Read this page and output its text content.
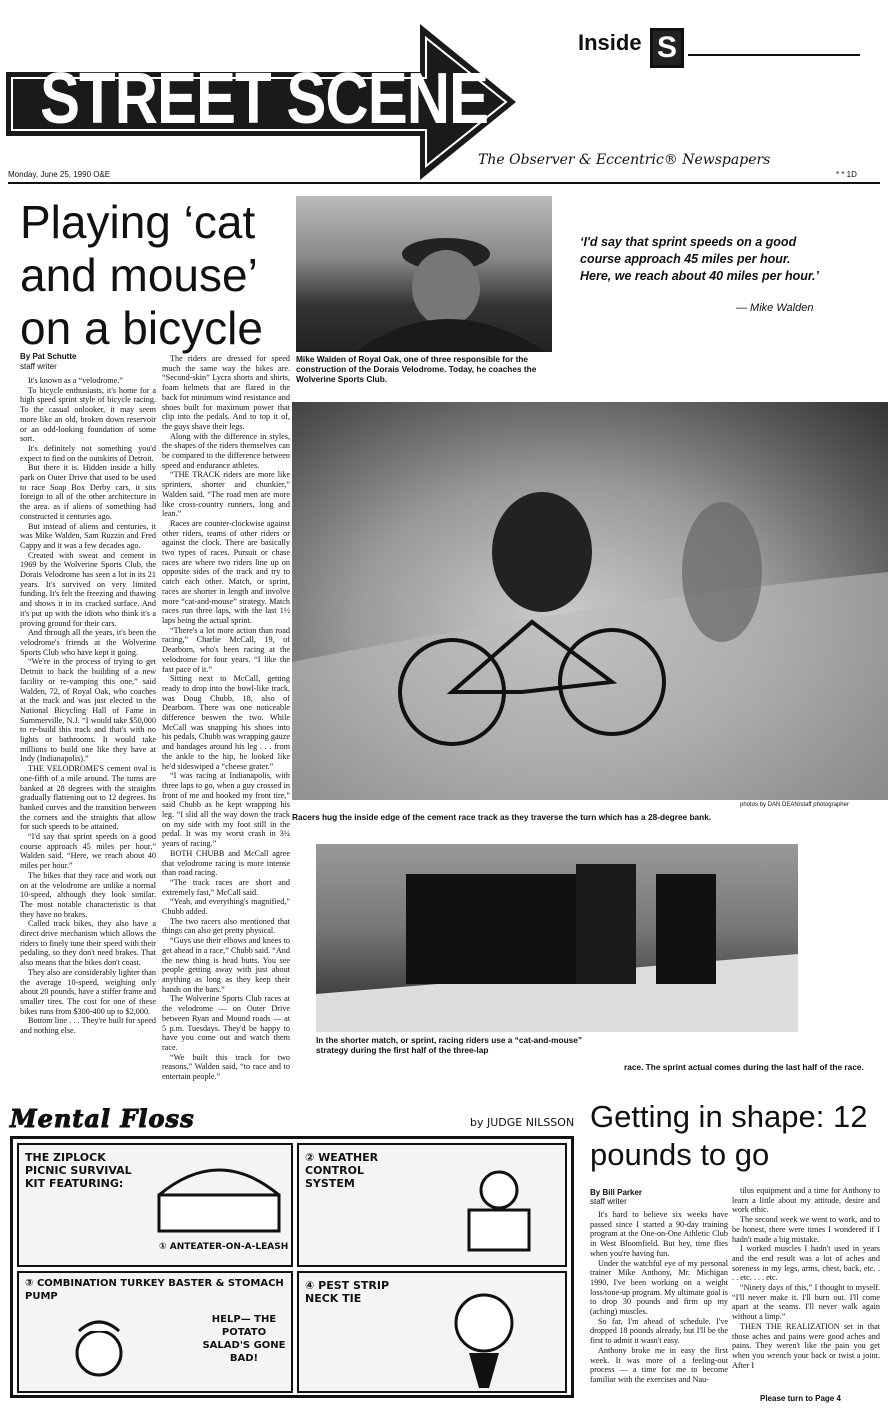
Inside S
STREET SCENE
The Observer & Eccentric® Newspapers
Monday, June 25, 1990 O&E	* * 1D
Playing ‘cat and mouse’ on a bicycle
By Pat Schutte
staff writer

It's known as a “velodrome.”

To bicycle enthusiasts, it's home for a high speed sprint style of bicycle racing. To the casual onlooker, it may seem more like an old, broken down reservoir or an odd-looking foundation of some sort.

It's definitely not something you'd expect to find on the outskirts of Detroit.

But there it is. Hidden inside a hilly park on Outer Drive that used to be used to race Soap Box Derby cars, it sits foreign to all of the other architecture in the area. as if aliens of something had constructed it centuries ago.

But instead of aliens and centuries, it was Mike Walden, Sam Ruzzin and Fred Cappy and it was a few decades ago.

Created with sweat and cement in 1969 by the Wolverine Sports Club, the Dorais Velodrome has seen a lot in its 21 years. It's survived on very limited funding. It's felt the freezing and thawing and shows it in its cracked surface. And it's put up with the idiots who think it's a proving ground for their cars.

And through all the years, it's been the velodrome's friends at the Wolverine Sports Club who have kept it going.

“We're in the process of trying to get Detroit to back the building of a new facility or re-vamping this one,” said Walden, 72, of Royal Oak, who coaches at the track and was just elected to the National Bicycling Hall of Fame in Summerville, N.J. “I would take $50,000 to re-build this track and that's with no lights or bathrooms. It would take millions to build one like they have at Indy (Indianapolis).”

THE VELODROME'S cement oval is one-fifth of a mile around. The turns are banked at 28 degrees with the straights gradually flattening out to 12 degrees. Its banked curves and the transition between the corners and the straights that allow for such speeds to be attained.

“I'd say that sprint speeds on a good course approach 45 miles per hour,” Walden said. “Here, we reach about 40 miles per hour.”

The bikes that they race and work out on at the velodrome are unlike a normal 10-speed, although they look similar. The most notable characteristic is that they have no brakes.

Called track bikes, they also have a direct drive mechanism which allows the riders to finely tune their speed with their pedaling, so they don't need brakes. That also means that the bikes don't coast.

They also are considerably lighter than the average 10-speed, weighing only about 20 pounds, have a stiffer frame and smaller tires. The cost for one of these bikes runs from $300-400 up to $2,000.

Bottom line . . . They're built for speed and nothing else.

The riders are dressed for speed much the same way the bikes are. “Second-skin” Lycra shorts and shirts, foam helmets that are flared in the back for minimum wind resistance and shoes built for maximum power that clip into the pedals. And to top it of, the guys shave their legs.

Along with the difference in styles, the shapes of the riders themselves can be compared to the difference between speed and endurance athletes.

“THE TRACK riders are more like sprinters, shorter and chunkier,” Walden said. “The road men are more like cross-country runners, long and lean.”

Races are counter-clockwise against other riders, teams of other riders or against the clock. There are basically two types of races. Pursuit or chase races are where two riders line up on opposite sides of the track and try to catch each other. Match, or sprint, races are shorter in length and involve more “cat-and-mouse” strategy. Match races run three laps, with the last 1½ laps being the actual sprint.

“There's a lot more action than road racing,” Charlie McCall, 19, of Dearborn, who's been racing at the velodrome for four years. “I like the fast pace of it.”

Sitting next to McCall, getting ready to drop into the bowl-like track, was Doug Chubb, 18, also of Dearborn. There was one noticeable difference beswen the two. While McCall was snapping his shoes into his pedals, Chubb was wrapping gauze and bandages around his leg . . . from the ankle to the hip, he looked like he'd sideswiped a “cheese grater.”

“I was racing at Indianapolis, with three laps to go, when a guy crossed in front of me and hooked my front tire,” said Chubb as he kept wrapping his leg. “I slid all the way down the track on my side with my foot still in the pedal. It was my worst crash in 3¼ years of racing.”

BOTH CHUBB and McCall agree that velodrome racing is more intense than road racing.

“The track races are short and extremely fast,” McCall said.

“Yeah, and everything's magnified,” Chubb added.

The two racers also mentioned that things can also get pretty physical.

“Guys use their elbows and knees to get ahead in a race,” Chubb said. “And the new thing is head butts. You see people getting away with just about anything as long as they keep their hands on the bars.”

The Wolverine Sports Club races at the velodrome — on Outer Drive between Ryan and Mound roads — at 5 p.m. Tuesdays. They'd be happy to have you come out and watch them race.

“We built this track for two reasons,” Walden said, “to race and to entertain people.”

‘I'd say that sprint speeds on a good course approach 45 miles per hour. Here, we reach about 40 miles per hour.’
— Mike Walden
Mike Walden of Royal Oak, one of three responsible for the construction of the Dorais Velodrome. Today, he coaches the Wolverine Sports Club.
photos by DAN DEAN/staff photographer
Racers hug the inside edge of the cement race track as they traverse the turn which has a 28-degree bank.
In the shorter match, or sprint, racing riders use a “cat-and-mouse” strategy during the first half of the three-lap
race. The sprint actual comes during the last half of the race.
Mental Floss	by JUDGE NILSSON
THE ZIPLOCK PICNIC SURVIVAL KIT FEATURING:
① ANTEATER-ON-A-LEASH
② WEATHER CONTROL SYSTEM
③ COMBINATION TURKEY BASTER & STOMACH PUMP
HELP— THE POTATO SALAD'S GONE BAD!
④ PEST STRIP NECK TIE
Getting in shape: 12 pounds to go
By Bill Parker
staff writer

It's hard to believe six weeks have passed since I started a 90-day training program at the One-on-One Athletic Club in West Bloomfield. But hey, time flies when you're having fun.

Under the watchful eye of my personal trainer Mike Anthony, Mr. Michigan 1990, I've been working on a weight loss/tone-up program. My ultimate goal is to drop 30 pounds and firm up my (aching) muscles.

So far, I'm ahead of schedule. I've dropped 18 pounds already, but I'll be the first to admit it wasn't easy.

Anthony broke me in easy the first week. It was more of a feeling-out process — a time for me to become familiar with the exercises and Nau-

tilus equipment and a time for Anthony to learn a little about my attitude, desire and work ethic.

The second week we went to work, and to be honest, there were times I wondered if I hadn't made a big mistake.

I worked muscles I hadn't used in years and the end result was a lot of aches and soreness in my legs, arms, chest, back, etc. . . . etc. . . . etc.

“Ninety days of this,” I thought to myself. “I'll never make it. I'll burn out. I'll come apart at the seams. I'll never walk again without a limp.”

THEN THE REALIZATION set in that those aches and pains were good aches and pains. They weren't like the pain you get when you wrench your back or twist a joint. After I

Please turn to Page 4
